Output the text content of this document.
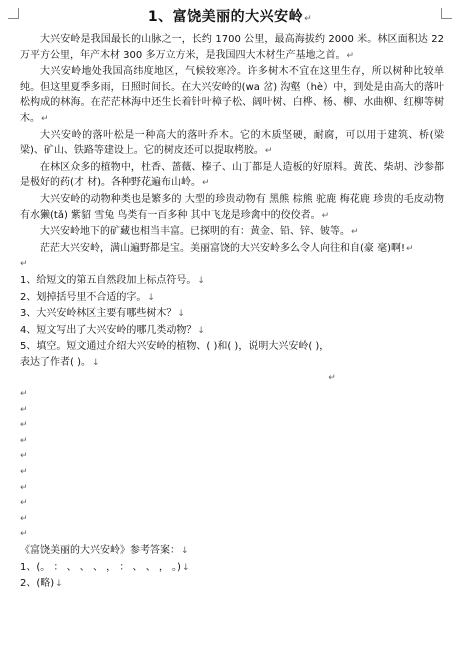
1、富饶美丽的大兴安岭↵

大兴安岭是我国最长的山脉之一，长约 1700 公里，最高海拔约 2000 米。林区面积达 22 万平方公里，年产木材 300 多万立方米，是我国四大木材生产基地之首。↵

大兴安岭地处我国高纬度地区，气候较寒冷。许多树木不宜在这里生存，所以树种比较单纯。但这里夏季多雨，日照时间长。在大兴安岭的(wa 岔) 沟壑（hè）中，到处是由高大的落叶松构成的林海。在茫茫林海中还生长着针叶樟子松、阔叶树、白桦、杨、柳、水曲柳、红柳等树木。↵

大兴安岭的落叶松是一种高大的落叶乔木。它的木质坚硬，耐腐，可以用于建筑、桥(梁 梁)、矿山、铁路等建设上。它的树皮还可以提取栲胶。↵

在林区众多的植物中，杜香、蔷薇、榛子、山丁都是人造板的好原料。黄芪、柴胡、沙参都是极好的药(才 材)。各种野花遍布山岭。↵

大兴安岭的动物种类也是繁多的 大型的珍贵动物有 黑熊 棕熊 驼鹿 梅花鹿 珍贵的毛皮动物有水獭(tǎ) 紫貂 雪兔 鸟类有一百多种 其中飞龙是珍禽中的佼佼者。↵

大兴安岭地下的矿藏也相当丰富。已探明的有：黄金、铅、锌、铍等。↵

茫茫大兴安岭，满山遍野都是宝。美丽富饶的大兴安岭多么令人向往和自(豪 毫)啊!↵

↵

1、给短文的第五自然段加上标点符号。↓

2、划掉括号里不合适的字。↓

3、大兴安岭林区主要有哪些树木？↓

4、短文写出了大兴安岭的哪几类动物？↓

5、填空。短文通过介绍大兴安岭的植物、( )和( )，说明大兴安岭( )，

表达了作者( )。↓

↵
↵
↵
↵
↵
↵
↵
↵
↵
↵
↵

《富饶美丽的大兴安岭》参考答案：↓

1、(。 ： 、 、 、 ， ： 、 、 ， 。)↓

2、(略)↓
